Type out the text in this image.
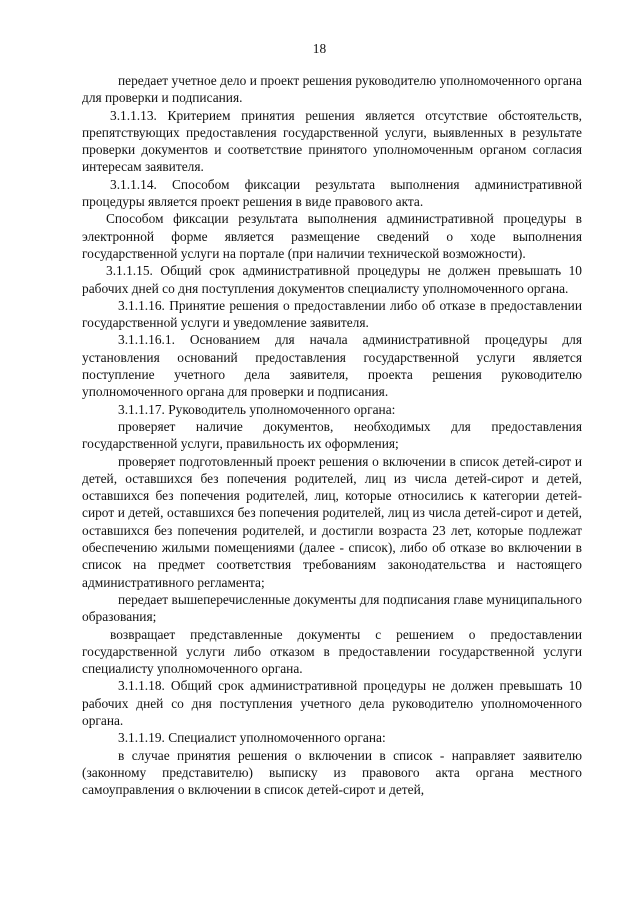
18

передает учетное дело и проект решения руководителю уполномоченного органа для проверки и подписания.

3.1.1.13. Критерием принятия решения является отсутствие обстоятельств, препятствующих предоставления государственной услуги, выявленных в результате проверки документов и соответствие принятого уполномоченным органом согласия интересам заявителя.

3.1.1.14. Способом фиксации результата выполнения административной процедуры является проект решения в виде правового акта.

Способом фиксации результата выполнения административной процедуры в электронной форме является размещение сведений о ходе выполнения государственной услуги на портале (при наличии технической возможности).

3.1.1.15. Общий срок административной процедуры не должен превышать 10 рабочих дней со дня поступления документов специалисту уполномоченного органа.

3.1.1.16. Принятие решения о предоставлении либо об отказе в предоставлении государственной услуги и уведомление заявителя.

3.1.1.16.1. Основанием для начала административной процедуры для установления оснований предоставления государственной услуги является поступление учетного дела заявителя, проекта решения руководителю уполномоченного органа для проверки и подписания.

3.1.1.17. Руководитель уполномоченного органа:

проверяет наличие документов, необходимых для предоставления государственной услуги, правильность их оформления;

проверяет подготовленный проект решения о включении в список детей-сирот и детей, оставшихся без попечения родителей, лиц из числа детей-сирот и детей, оставшихся без попечения родителей, лиц, которые относились к категории детей-сирот и детей, оставшихся без попечения родителей, лиц из числа детей-сирот и детей, оставшихся без попечения родителей, и достигли возраста 23 лет, которые подлежат обеспечению жилыми помещениями (далее - список), либо об отказе во включении в список на предмет соответствия требованиям законодательства и настоящего административного регламента;

передает вышеперечисленные документы для подписания главе муниципального образования;

возвращает представленные документы с решением о предоставлении государственной услуги либо отказом в предоставлении государственной услуги специалисту уполномоченного органа.

3.1.1.18. Общий срок административной процедуры не должен превышать 10 рабочих дней со дня поступления учетного дела руководителю уполномоченного органа.

3.1.1.19. Специалист уполномоченного органа:

в случае принятия решения о включении в список - направляет заявителю (законному представителю) выписку из правового акта органа местного самоуправления о включении в список детей-сирот и детей,
